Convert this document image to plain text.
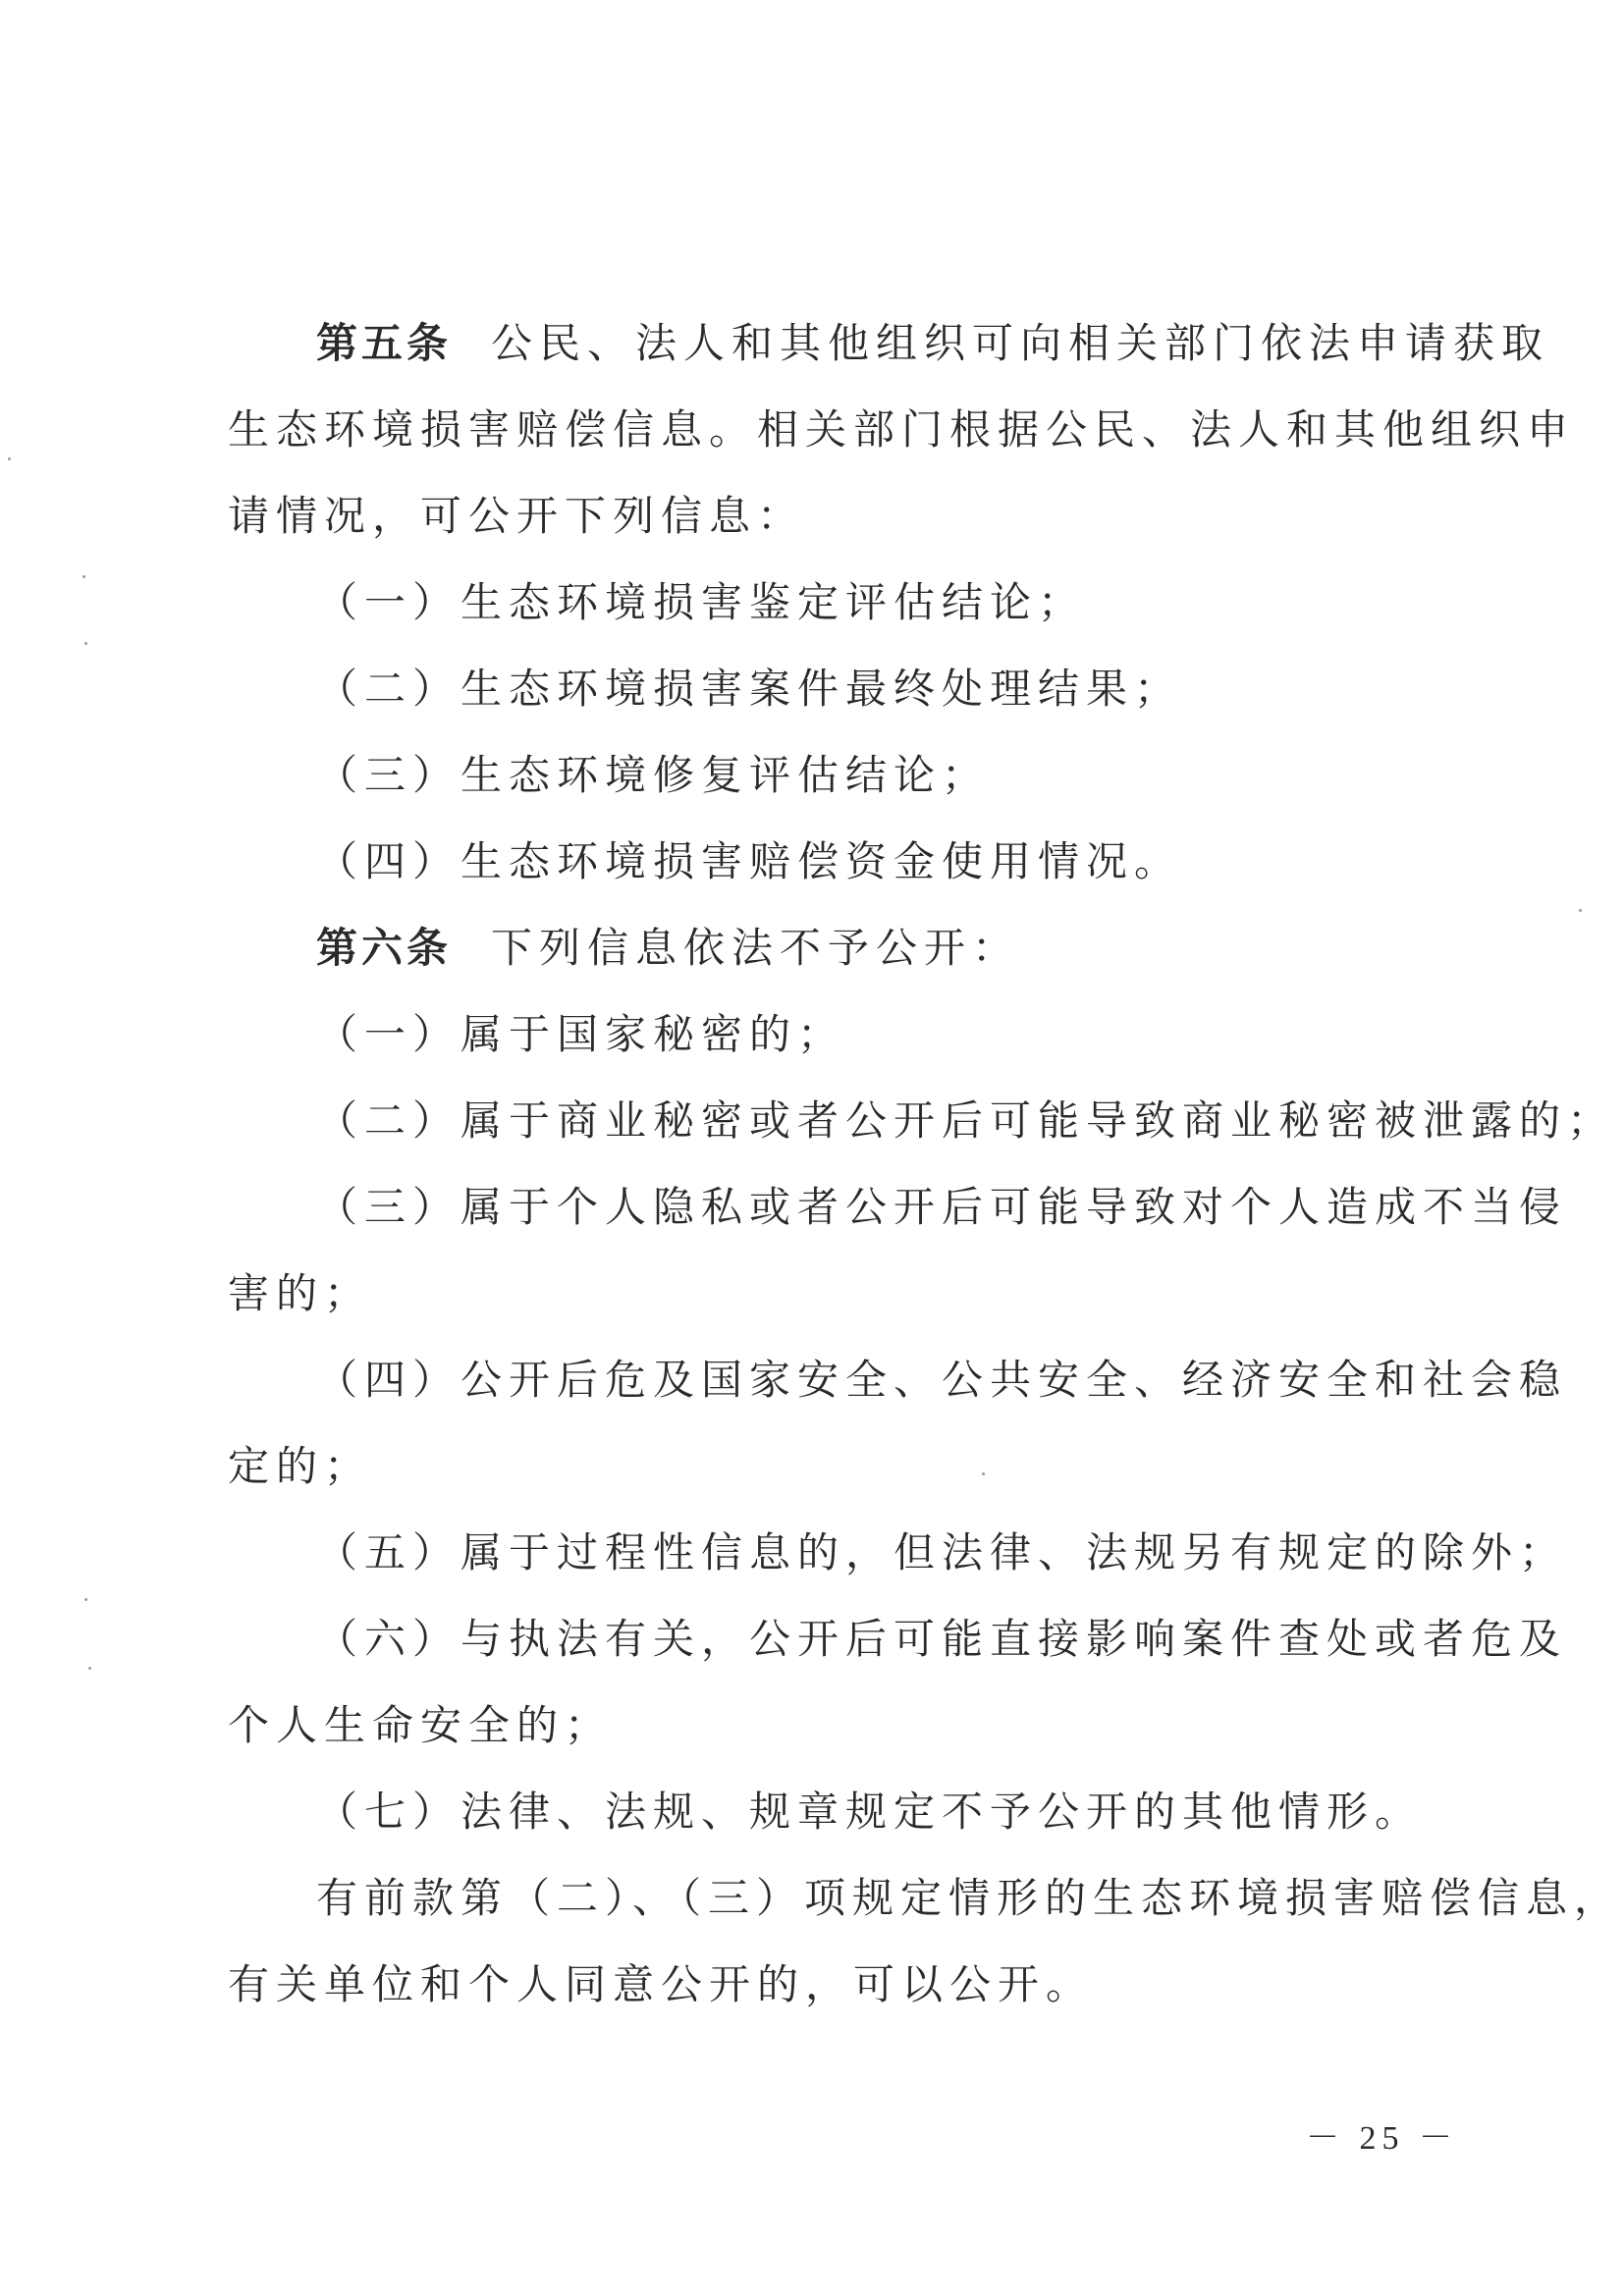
第五条 公民、法人和其他组织可向相关部门依法申请获取
生态环境损害赔偿信息。相关部门根据公民、法人和其他组织申
请情况，可公开下列信息：
（一）生态环境损害鉴定评估结论；
（二）生态环境损害案件最终处理结果；
（三）生态环境修复评估结论；
（四）生态环境损害赔偿资金使用情况。
第六条 下列信息依法不予公开：
（一）属于国家秘密的；
（二）属于商业秘密或者公开后可能导致商业秘密被泄露的；
（三）属于个人隐私或者公开后可能导致对个人造成不当侵
害的；
（四）公开后危及国家安全、公共安全、经济安全和社会稳
定的；
（五）属于过程性信息的，但法律、法规另有规定的除外；
（六）与执法有关，公开后可能直接影响案件查处或者危及
个人生命安全的；
（七）法律、法规、规章规定不予公开的其他情形。
有前款第（二）、（三）项规定情形的生态环境损害赔偿信息，
有关单位和个人同意公开的，可以公开。
－ 25 －
